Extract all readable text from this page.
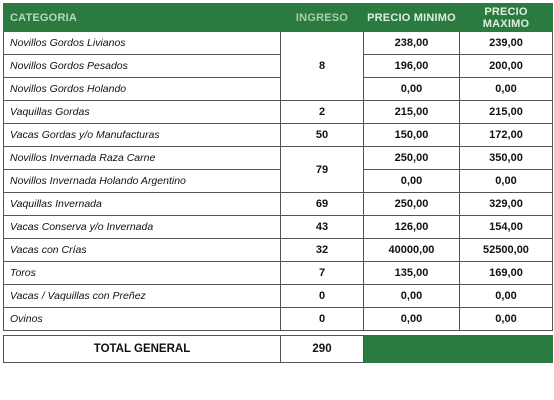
CATEGORIA	INGRESO	PRECIO MINIMO	PRECIO MAXIMO
Novillos Gordos Livianos	8	238,00	239,00
Novillos Gordos Pesados		196,00	200,00
Novillos Gordos Holando		0,00	0,00
Vaquillas Gordas	2	215,00	215,00
Vacas Gordas y/o Manufacturas	50	150,00	172,00
Novillos Invernada Raza Carne	79	250,00	350,00
Novillos Invernada Holando Argentino		0,00	0,00
Vaquillas Invernada	69	250,00	329,00
Vacas Conserva y/o Invernada	43	126,00	154,00
Vacas con Crías	32	40000,00	52500,00
Toros	7	135,00	169,00
Vacas / Vaquillas con Preñez	0	0,00	0,00
Ovinos	0	0,00	0,00

TOTAL GENERAL	290		
